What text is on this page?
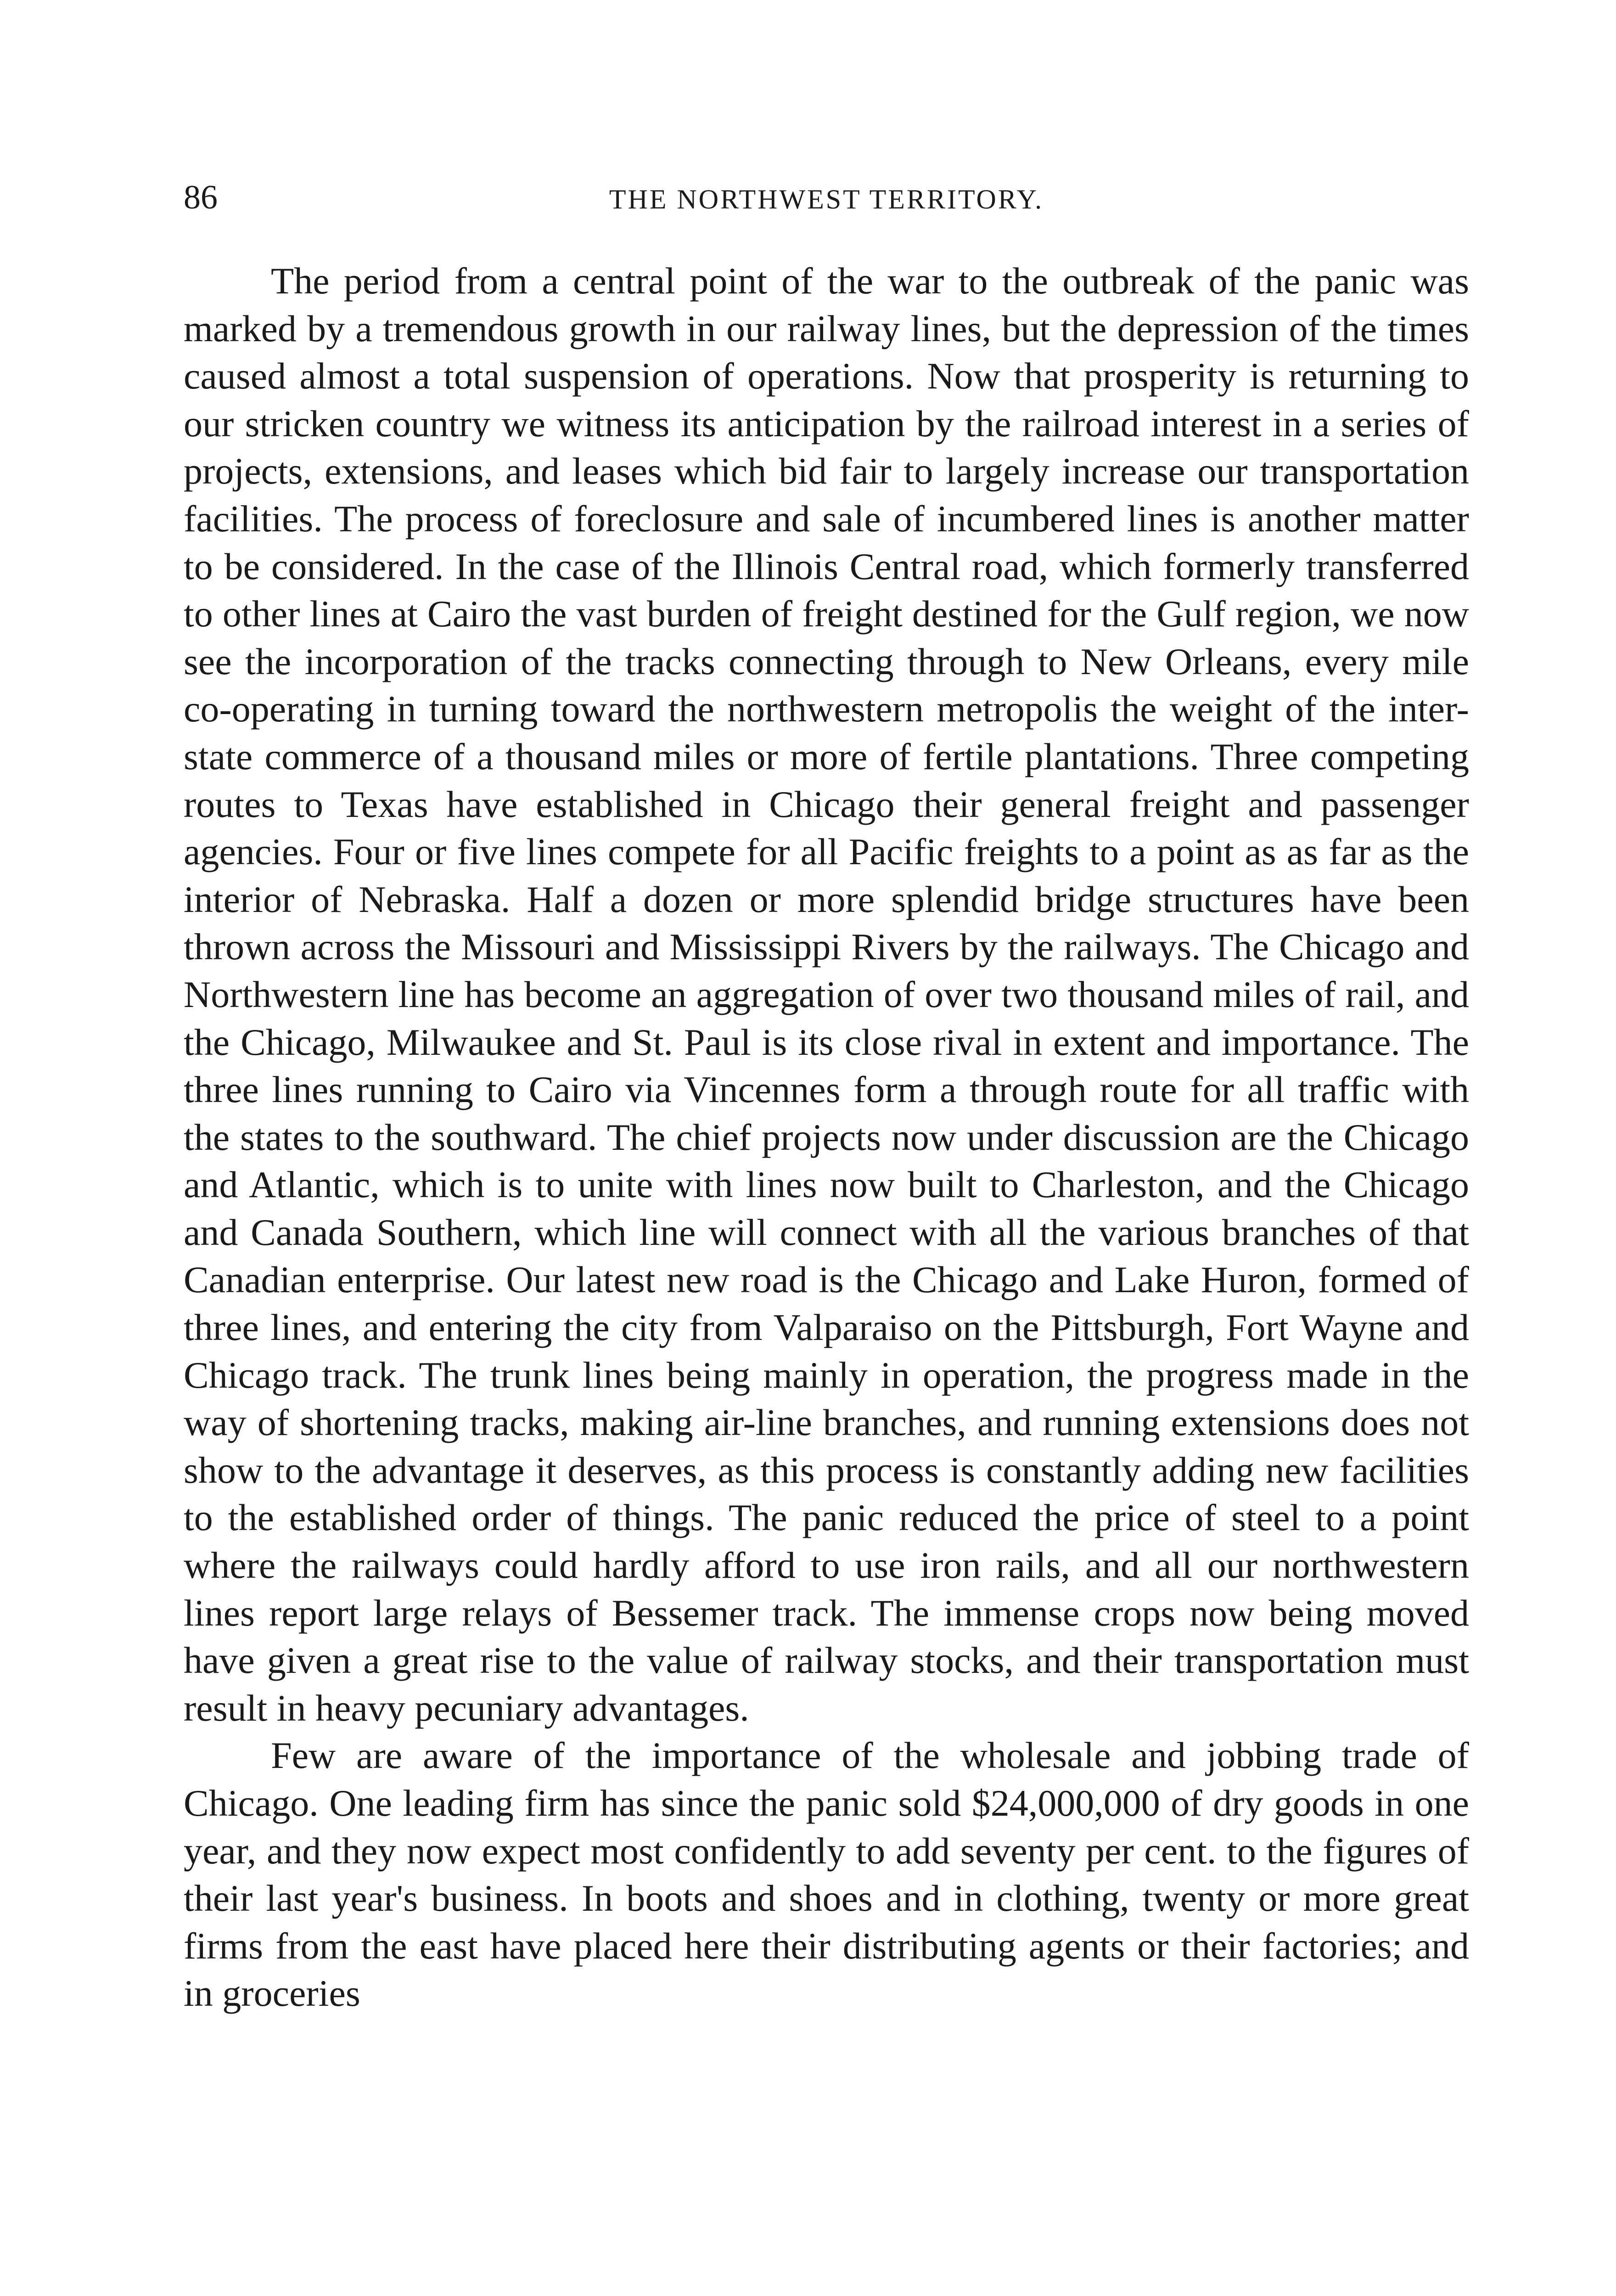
86	THE NORTHWEST TERRITORY.

The period from a central point of the war to the outbreak of the panic was marked by a tremendous growth in our railway lines, but the depression of the times caused almost a total suspension of operations. Now that prosperity is returning to our stricken country we witness its anticipation by the railroad interest in a series of projects, extensions, and leases which bid fair to largely increase our transportation facilities. The process of foreclosure and sale of incumbered lines is another matter to be considered. In the case of the Illinois Central road, which formerly transferred to other lines at Cairo the vast burden of freight destined for the Gulf region, we now see the incorporation of the tracks connecting through to New Orleans, every mile co-operating in turning toward the northwestern metropolis the weight of the inter-state commerce of a thousand miles or more of fertile plantations. Three competing routes to Texas have established in Chicago their general freight and passenger agencies. Four or five lines compete for all Pacific freights to a point as as far as the interior of Nebraska. Half a dozen or more splendid bridge structures have been thrown across the Missouri and Mississippi Rivers by the railways. The Chicago and Northwestern line has become an aggregation of over two thousand miles of rail, and the Chicago, Milwaukee and St. Paul is its close rival in extent and importance. The three lines running to Cairo via Vincennes form a through route for all traffic with the states to the southward. The chief projects now under discussion are the Chicago and Atlantic, which is to unite with lines now built to Charleston, and the Chicago and Canada Southern, which line will connect with all the various branches of that Canadian enterprise. Our latest new road is the Chicago and Lake Huron, formed of three lines, and entering the city from Valparaiso on the Pittsburgh, Fort Wayne and Chicago track. The trunk lines being mainly in operation, the progress made in the way of shortening tracks, making air-line branches, and running extensions does not show to the advantage it deserves, as this process is constantly adding new facilities to the established order of things. The panic reduced the price of steel to a point where the railways could hardly afford to use iron rails, and all our northwestern lines report large relays of Bessemer track. The immense crops now being moved have given a great rise to the value of railway stocks, and their transportation must result in heavy pecuniary advantages.

Few are aware of the importance of the wholesale and jobbing trade of Chicago. One leading firm has since the panic sold $24,000,000 of dry goods in one year, and they now expect most confidently to add seventy per cent. to the figures of their last year's business. In boots and shoes and in clothing, twenty or more great firms from the east have placed here their distributing agents or their factories; and in groceries
